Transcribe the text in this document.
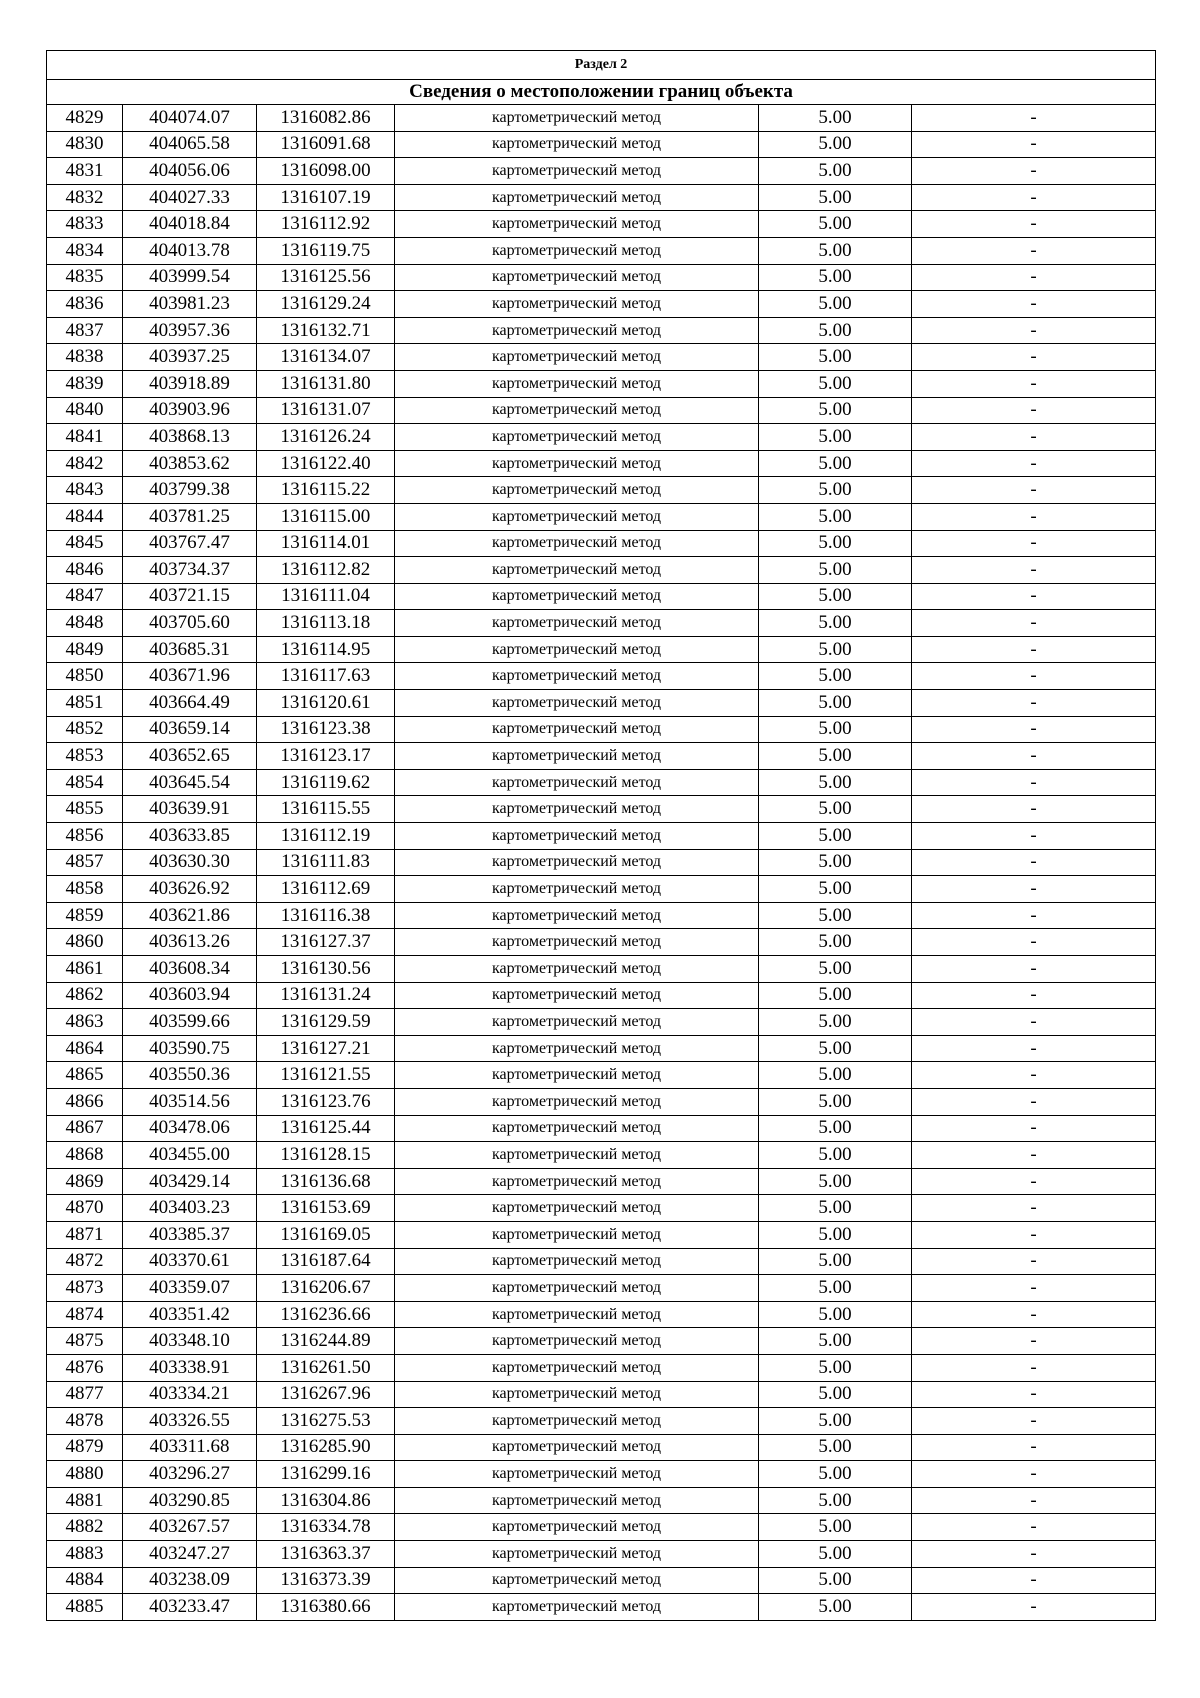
Раздел 2					
Сведения о местоположении границ объекта					
4829	404074.07	1316082.86	картометрический метод	5.00	-
4830	404065.58	1316091.68	картометрический метод	5.00	-
4831	404056.06	1316098.00	картометрический метод	5.00	-
4832	404027.33	1316107.19	картометрический метод	5.00	-
4833	404018.84	1316112.92	картометрический метод	5.00	-
4834	404013.78	1316119.75	картометрический метод	5.00	-
4835	403999.54	1316125.56	картометрический метод	5.00	-
4836	403981.23	1316129.24	картометрический метод	5.00	-
4837	403957.36	1316132.71	картометрический метод	5.00	-
4838	403937.25	1316134.07	картометрический метод	5.00	-
4839	403918.89	1316131.80	картометрический метод	5.00	-
4840	403903.96	1316131.07	картометрический метод	5.00	-
4841	403868.13	1316126.24	картометрический метод	5.00	-
4842	403853.62	1316122.40	картометрический метод	5.00	-
4843	403799.38	1316115.22	картометрический метод	5.00	-
4844	403781.25	1316115.00	картометрический метод	5.00	-
4845	403767.47	1316114.01	картометрический метод	5.00	-
4846	403734.37	1316112.82	картометрический метод	5.00	-
4847	403721.15	1316111.04	картометрический метод	5.00	-
4848	403705.60	1316113.18	картометрический метод	5.00	-
4849	403685.31	1316114.95	картометрический метод	5.00	-
4850	403671.96	1316117.63	картометрический метод	5.00	-
4851	403664.49	1316120.61	картометрический метод	5.00	-
4852	403659.14	1316123.38	картометрический метод	5.00	-
4853	403652.65	1316123.17	картометрический метод	5.00	-
4854	403645.54	1316119.62	картометрический метод	5.00	-
4855	403639.91	1316115.55	картометрический метод	5.00	-
4856	403633.85	1316112.19	картометрический метод	5.00	-
4857	403630.30	1316111.83	картометрический метод	5.00	-
4858	403626.92	1316112.69	картометрический метод	5.00	-
4859	403621.86	1316116.38	картометрический метод	5.00	-
4860	403613.26	1316127.37	картометрический метод	5.00	-
4861	403608.34	1316130.56	картометрический метод	5.00	-
4862	403603.94	1316131.24	картометрический метод	5.00	-
4863	403599.66	1316129.59	картометрический метод	5.00	-
4864	403590.75	1316127.21	картометрический метод	5.00	-
4865	403550.36	1316121.55	картометрический метод	5.00	-
4866	403514.56	1316123.76	картометрический метод	5.00	-
4867	403478.06	1316125.44	картометрический метод	5.00	-
4868	403455.00	1316128.15	картометрический метод	5.00	-
4869	403429.14	1316136.68	картометрический метод	5.00	-
4870	403403.23	1316153.69	картометрический метод	5.00	-
4871	403385.37	1316169.05	картометрический метод	5.00	-
4872	403370.61	1316187.64	картометрический метод	5.00	-
4873	403359.07	1316206.67	картометрический метод	5.00	-
4874	403351.42	1316236.66	картометрический метод	5.00	-
4875	403348.10	1316244.89	картометрический метод	5.00	-
4876	403338.91	1316261.50	картометрический метод	5.00	-
4877	403334.21	1316267.96	картометрический метод	5.00	-
4878	403326.55	1316275.53	картометрический метод	5.00	-
4879	403311.68	1316285.90	картометрический метод	5.00	-
4880	403296.27	1316299.16	картометрический метод	5.00	-
4881	403290.85	1316304.86	картометрический метод	5.00	-
4882	403267.57	1316334.78	картометрический метод	5.00	-
4883	403247.27	1316363.37	картометрический метод	5.00	-
4884	403238.09	1316373.39	картометрический метод	5.00	-
4885	403233.47	1316380.66	картометрический метод	5.00	-
